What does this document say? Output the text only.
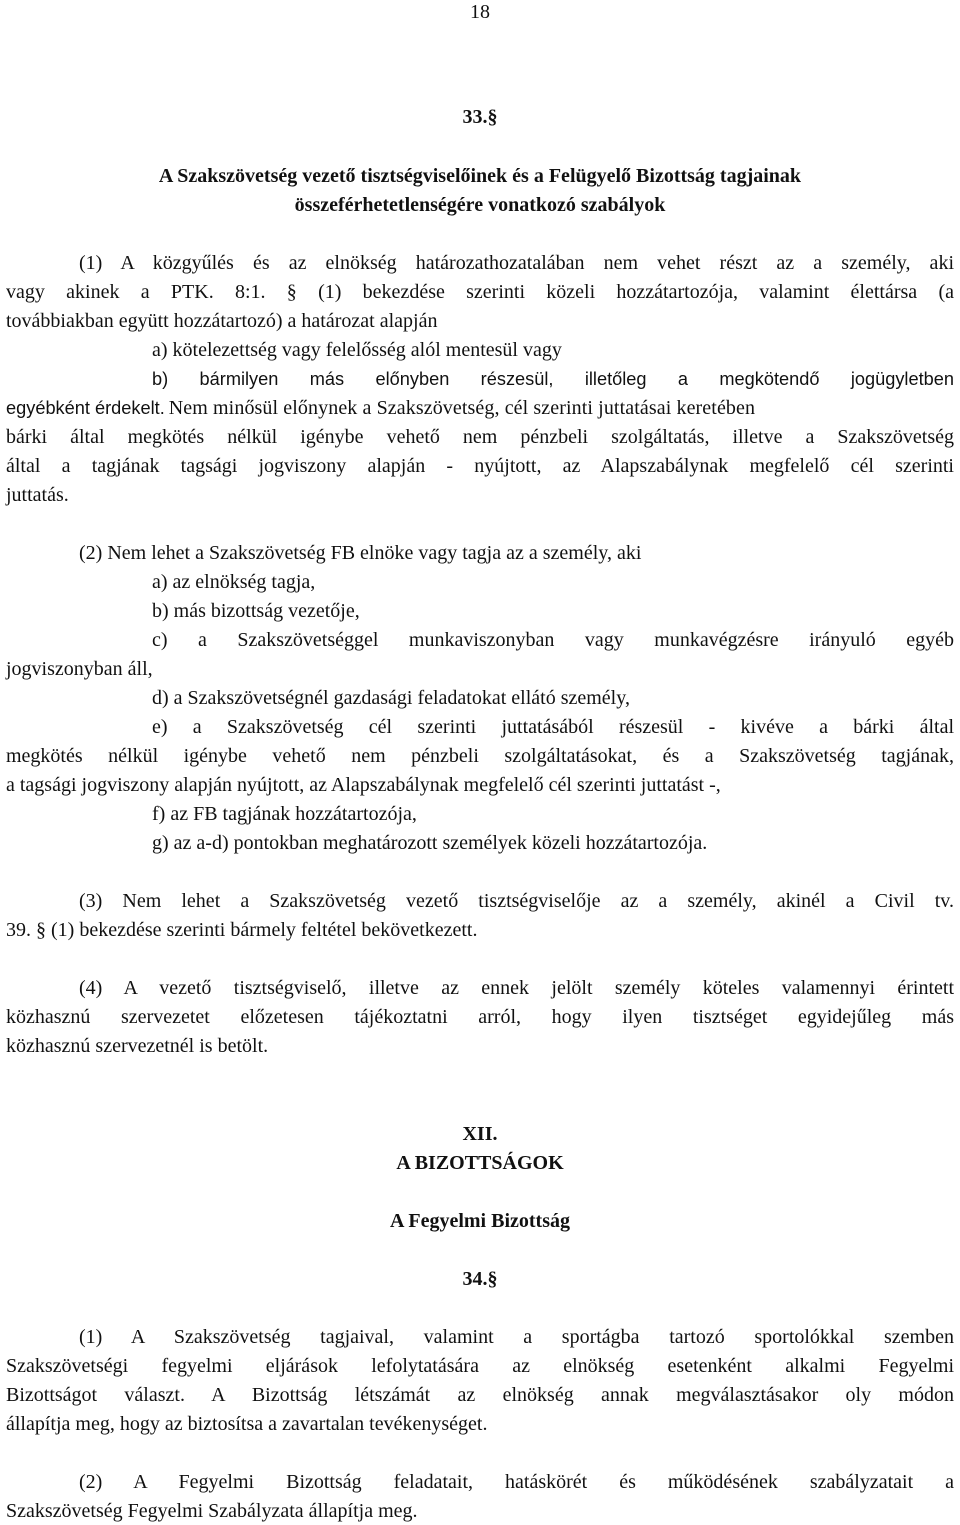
18
33.§
A Szakszövetség vezető tisztségviselőinek és a Felügyelő Bizottság tagjainak
összeférhetetlenségére vonatkozó szabályok
(1) A közgyűlés és az elnökség határozathozatalában nem vehet részt az a személy, aki
vagy akinek a PTK. 8:1. § (1) bekezdése szerinti közeli hozzátartozója, valamint élettársa (a
továbbiakban együtt hozzátartozó) a határozat alapján
a) kötelezettség vagy felelősség alól mentesül vagy
b) bármilyen más előnyben részesül, illetőleg a megkötendő jogügyletben
egyébként érdekelt. Nem minősül előnynek a Szakszövetség, cél szerinti juttatásai keretében
bárki által megkötés nélkül igénybe vehető nem pénzbeli szolgáltatás, illetve a Szakszövetség
által a tagjának tagsági jogviszony alapján - nyújtott, az Alapszabálynak megfelelő cél szerinti
juttatás.
(2) Nem lehet a Szakszövetség FB elnöke vagy tagja az a személy, aki
a) az elnökség tagja,
b) más bizottság vezetője,
c) a Szakszövetséggel munkaviszonyban vagy munkavégzésre irányuló egyéb
jogviszonyban áll,
d) a Szakszövetségnél gazdasági feladatokat ellátó személy,
e) a Szakszövetség cél szerinti juttatásából részesül - kivéve a bárki által
megkötés nélkül igénybe vehető nem pénzbeli szolgáltatásokat, és a Szakszövetség tagjának,
a tagsági jogviszony alapján nyújtott, az Alapszabálynak megfelelő cél szerinti juttatást -,
f) az FB tagjának hozzátartozója,
g) az a-d) pontokban meghatározott személyek közeli hozzátartozója.
(3) Nem lehet a Szakszövetség vezető tisztségviselője az a személy, akinél a Civil tv.
39. § (1) bekezdése szerinti bármely feltétel bekövetkezett.
(4) A vezető tisztségviselő, illetve az ennek jelölt személy köteles valamennyi érintett
közhasznú szervezetet előzetesen tájékoztatni arról, hogy ilyen tisztséget egyidejűleg más
közhasznú szervezetnél is betölt.
XII.
A BIZOTTSÁGOK
A Fegyelmi Bizottság
34.§
(1) A Szakszövetség tagjaival, valamint a sportágba tartozó sportolókkal szemben
Szakszövetségi fegyelmi eljárások lefolytatására az elnökség esetenként alkalmi Fegyelmi
Bizottságot választ. A Bizottság létszámát az elnökség annak megválasztásakor oly módon
állapítja meg, hogy az biztosítsa a zavartalan tevékenységet.
(2) A Fegyelmi Bizottság feladatait, hatáskörét és működésének szabályzatait a
Szakszövetség Fegyelmi Szabályzata állapítja meg.
